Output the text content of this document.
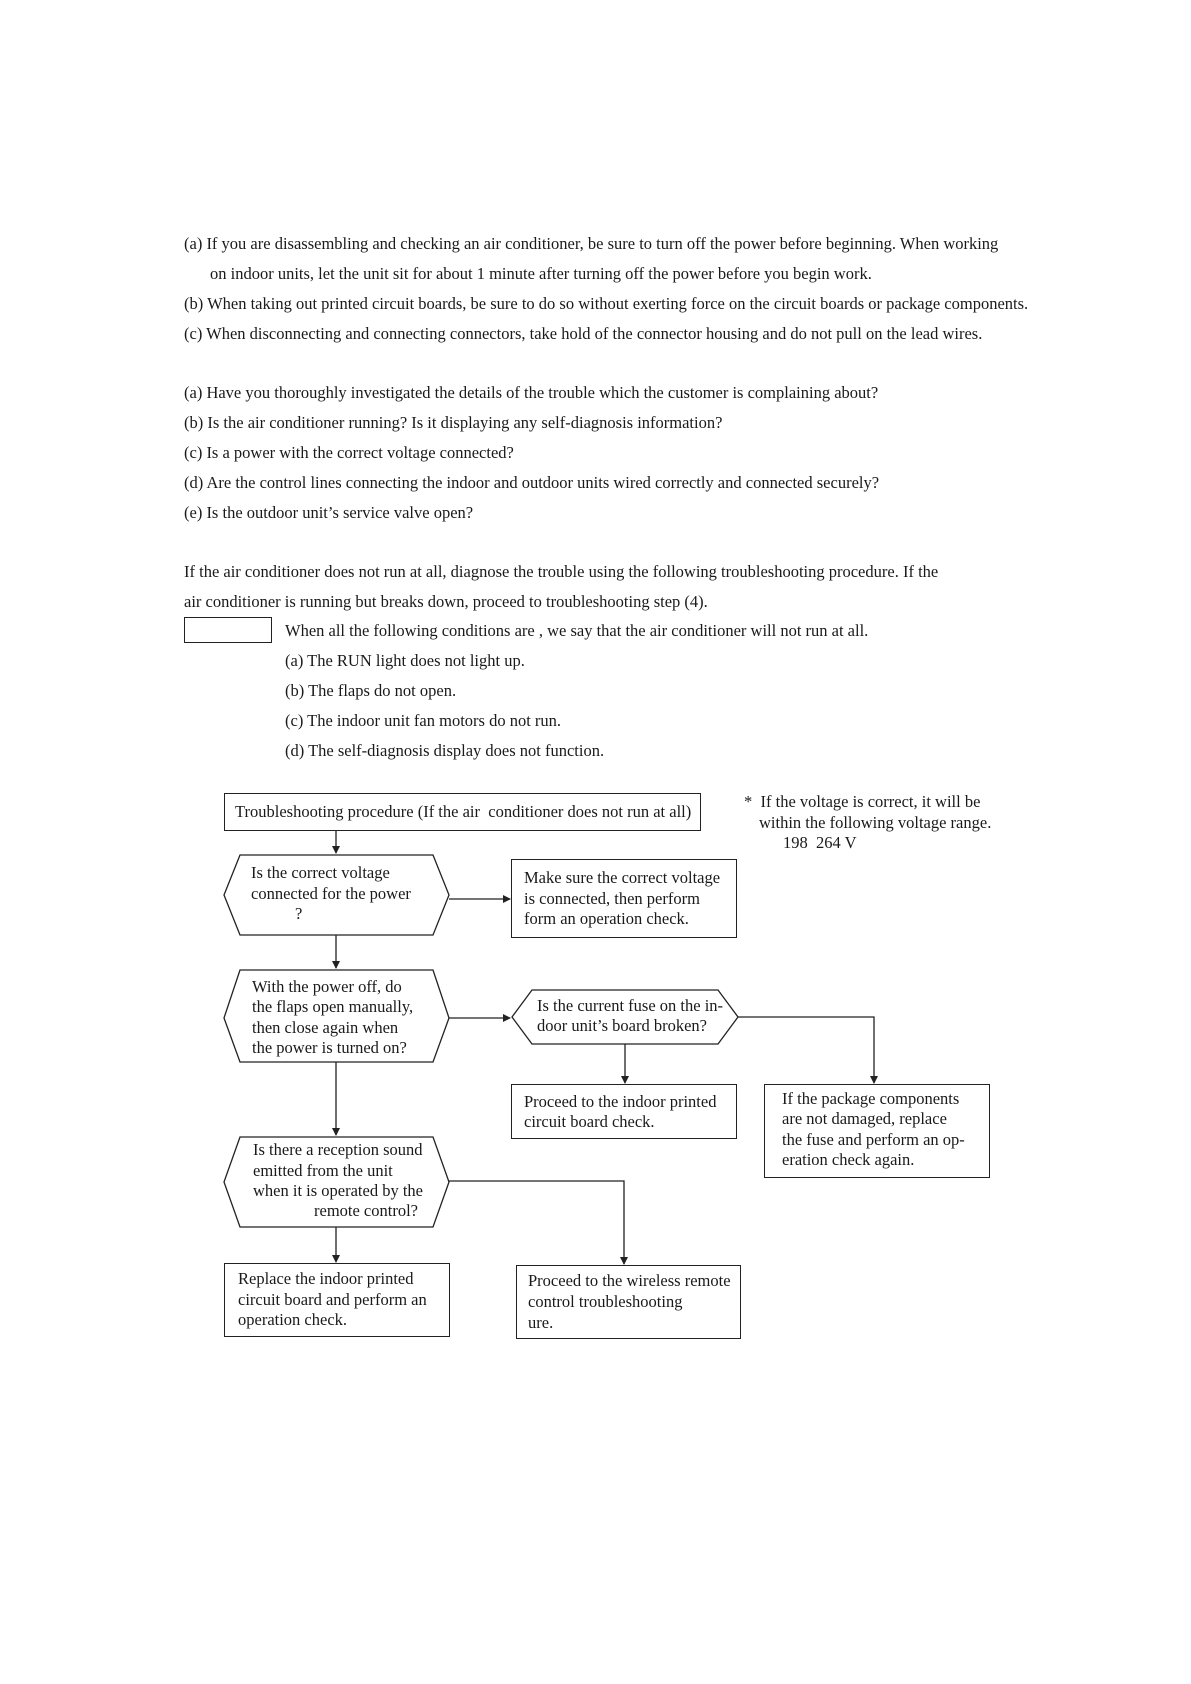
(a) If you are disassembling and checking an air conditioner, be sure to turn off the power before beginning. When working
on indoor units, let the unit sit for about 1 minute after turning off the power before you begin work.
(b) When taking out printed circuit boards, be sure to do so without exerting force on the circuit boards or package components.
(c) When disconnecting and connecting connectors, take hold of the connector housing and do not pull on the lead wires.
(a) Have you thoroughly investigated the details of the trouble which the customer is complaining about?
(b) Is the air conditioner running? Is it displaying any self-diagnosis information?
(c) Is a power with the correct voltage connected?
(d) Are the control lines connecting the indoor and outdoor units wired correctly and connected securely?
(e) Is the outdoor unit’s service valve open?
If the air conditioner does not run at all, diagnose the trouble using the following troubleshooting procedure. If the
air conditioner is running but breaks down, proceed to troubleshooting step (4).
When all the following conditions are , we say that the air conditioner will not run at all.
(a) The RUN light does not light up.
(b) The flaps do not open.
(c) The indoor unit fan motors do not run.
(d) The self-diagnosis display does not function.
Troubleshooting procedure (If the air  conditioner does not run at all)
*  If the voltage is correct, it will be
within the following voltage range.
198  264 V
Is the correct voltage
connected for the power
?
Make sure the correct voltage
is connected, then perform
form an operation check.
With the power off, do
the flaps open manually,
then close again when
the power is turned on?
Is the current fuse on the in-
door unit’s board broken?
Proceed to the indoor printed
circuit board check.
If the package components
are not damaged, replace
the fuse and perform an op-
eration check again.
Is there a reception sound
emitted from the unit
when it is operated by the
remote control?
Replace the indoor printed
circuit board and perform an
operation check.
Proceed to the wireless remote
control troubleshooting
ure.
